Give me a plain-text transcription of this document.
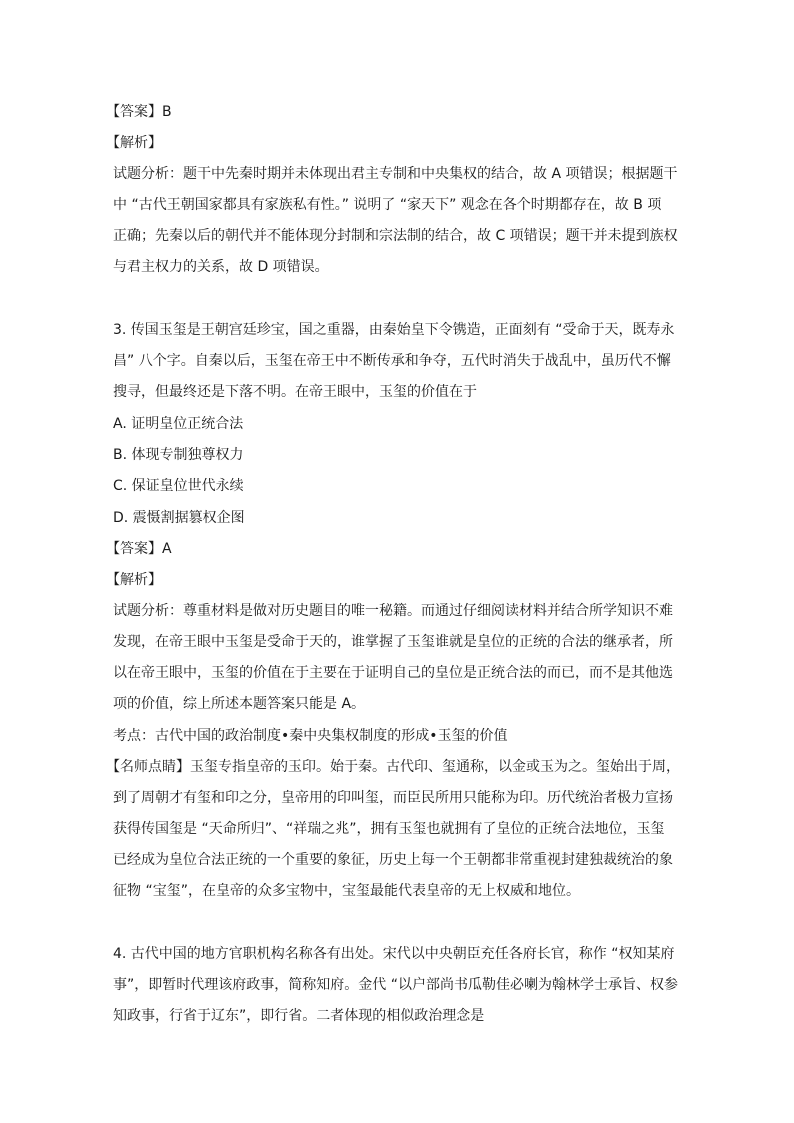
【答案】B
【解析】
试题分析：题干中先秦时期并未体现出君主专制和中央集权的结合，故 A 项错误；根据题干
中 “古代王朝国家都具有家族私有性。” 说明了 “家天下” 观念在各个时期都存在，故 B 项
正确；先秦以后的朝代并不能体现分封制和宗法制的结合，故 C 项错误；题干并未提到族权
与君主权力的关系，故 D 项错误。
3. 传国玉玺是王朝宫廷珍宝，国之重器，由秦始皇下令镌造，正面刻有 “受命于天，既寿永
昌” 八个字。自秦以后，玉玺在帝王中不断传承和争夺，五代时消失于战乱中，虽历代不懈
搜寻，但最终还是下落不明。在帝王眼中，玉玺的价值在于
A. 证明皇位正统合法
B. 体现专制独尊权力
C. 保证皇位世代永续
D. 震慑割据篡权企图
【答案】A
【解析】
试题分析：尊重材料是做对历史题目的唯一秘籍。而通过仔细阅读材料并结合所学知识不难
发现，在帝王眼中玉玺是受命于天的，谁掌握了玉玺谁就是皇位的正统的合法的继承者，所
以在帝王眼中，玉玺的价值在于主要在于证明自己的皇位是正统合法的而已，而不是其他选
项的价值，综上所述本题答案只能是 A。
考点：古代中国的政治制度•秦中央集权制度的形成•玉玺的价值
【名师点睛】玉玺专指皇帝的玉印。始于秦。古代印、玺通称，以金或玉为之。玺始出于周，
到了周朝才有玺和印之分，皇帝用的印叫玺，而臣民所用只能称为印。历代统治者极力宣扬
获得传国玺是 “天命所归”、“祥瑞之兆”，拥有玉玺也就拥有了皇位的正统合法地位，玉玺
已经成为皇位合法正统的一个重要的象征，历史上每一个王朝都非常重视封建独裁统治的象
征物 “宝玺”，在皇帝的众多宝物中，宝玺最能代表皇帝的无上权威和地位。
4. 古代中国的地方官职机构名称各有出处。宋代以中央朝臣充任各府长官，称作 “权知某府
事”，即暂时代理该府政事，简称知府。金代 “以户部尚书瓜勒佳必喇为翰林学士承旨、权参
知政事，行省于辽东”，即行省。二者体现的相似政治理念是
